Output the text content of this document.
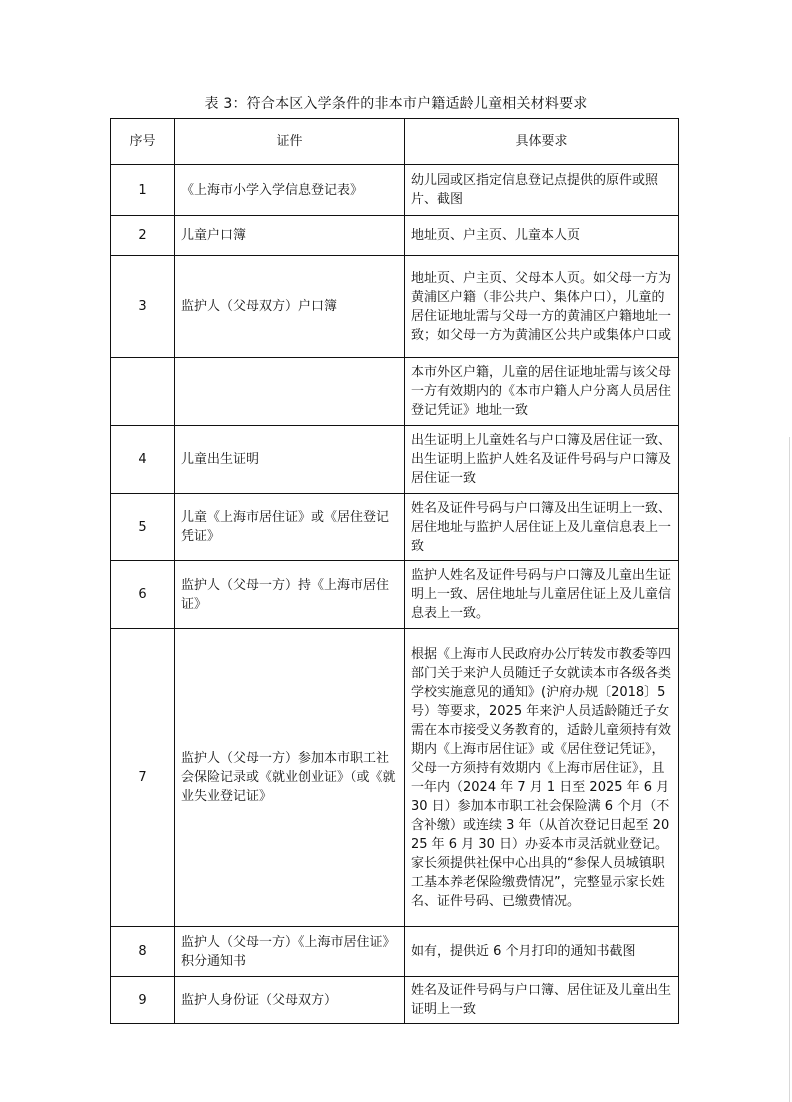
表 3：符合本区入学条件的非本市户籍适龄儿童相关材料要求
序号	证件	具体要求
1	《上海市小学入学信息登记表》	幼儿园或区指定信息登记点提供的原件或照片、截图
2	儿童户口簿	地址页、户主页、儿童本人页
3	监护人（父母双方）户口簿	地址页、户主页、父母本人页。如父母一方为黄浦区户籍（非公共户、集体户口），儿童的居住证地址需与父母一方的黄浦区户籍地址一致；如父母一方为黄浦区公共户或集体户口或
		本市外区户籍，儿童的居住证地址需与该父母一方有效期内的《本市户籍人户分离人员居住登记凭证》地址一致
4	儿童出生证明	出生证明上儿童姓名与户口簿及居住证一致、出生证明上监护人姓名及证件号码与户口簿及居住证一致
5	儿童《上海市居住证》或《居住登记凭证》	姓名及证件号码与户口簿及出生证明上一致、居住地址与监护人居住证上及儿童信息表上一致
6	监护人（父母一方）持《上海市居住证》	监护人姓名及证件号码与户口簿及儿童出生证明上一致、居住地址与儿童居住证上及儿童信息表上一致。
7	监护人（父母一方）参加本市职工社会保险记录或《就业创业证》（或《就业失业登记证》	根据《上海市人民政府办公厅转发市教委等四部门关于来沪人员随迁子女就读本市各级各类学校实施意见的通知》(沪府办规〔2018〕5 号）等要求，2025 年来沪人员适龄随迁子女需在本市接受义务教育的，适龄儿童须持有效期内《上海市居住证》或《居住登记凭证》，父母一方须持有效期内《上海市居住证》，且一年内（2024 年 7 月 1 日至 2025 年 6 月 30 日）参加本市职工社会保险满 6 个月（不含补缴）或连续 3 年（从首次登记日起至 2025 年 6 月 30 日）办妥本市灵活就业登记。家长须提供社保中心出具的“参保人员城镇职工基本养老保险缴费情况”，完整显示家长姓名、证件号码、已缴费情况。
8	监护人（父母一方）《上海市居住证》积分通知书	如有，提供近 6 个月打印的通知书截图
9	监护人身份证（父母双方）	姓名及证件号码与户口簿、居住证及儿童出生证明上一致
